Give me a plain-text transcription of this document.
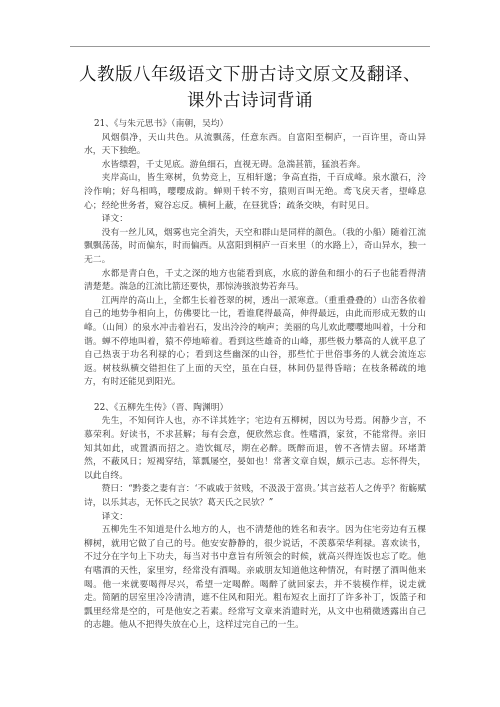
人教版八年级语文下册古诗文原文及翻译、
课外古诗词背诵

21、《与朱元思书》（南朝，吴均）

风烟俱净，天山共色。从流飘荡，任意东西。自富阳至桐庐，一百许里，奇山异水，天下独绝。

水皆缥碧，千丈见底。游鱼细石，直视无碍。急湍甚箭，猛浪若奔。

夹岸高山，皆生寒树，负势竞上，互相轩邈；争高直指，千百成峰。泉水激石，泠泠作响；好鸟相鸣，嘤嘤成韵。蝉则千转不穷，猿则百叫无绝。鸢飞戾天者，望峰息心；经纶世务者，窥谷忘反。横柯上蔽，在昼犹昏；疏条交映，有时见日。

译文：

没有一丝儿风，烟雾也完全消失，天空和群山是同样的颜色。（我的小船）随着江流飘飘荡荡，时而偏东，时而偏西。从富阳到桐庐一百来里（的水路上），奇山异水，独一无二。

水都是青白色，千丈之深的地方也能看到底，水底的游鱼和细小的石子也能看得清清楚楚。湍急的江流比箭还要快，那惊涛骇浪势若奔马。

江两岸的高山上，全都生长着苍翠的树，透出一派寒意。（重重叠叠的）山峦各依着自己的地势争相向上，仿佛要比一比，看谁爬得最高，伸得最远，由此而形成无数的山峰。（山间）的泉水冲击着岩石，发出泠泠的响声；美丽的鸟儿欢此嘤嘤地叫着，十分和谐。蝉不停地叫着，猿不停地啼着。看到这些雄奇的山峰，那些极力攀高的人就平息了自己热衷于功名利禄的心；看到这些幽深的山谷，那些忙于世俗事务的人就会流连忘返。树枝纵横交错担住了上面的天空，虽在白昼，林间仍显得昏暗；在枝条稀疏的地方，有时还能见到阳光。

22、《五柳先生传》（晋、陶渊明）

先生，不知何许人也，亦不详其姓字；宅边有五柳树，因以为号焉。闲静少言，不慕荣利。好读书，不求甚解；每有会意，便欣然忘食。性嗜酒，家贫，不能常得。亲旧知其如此，或置酒而招之。造饮辄尽，期在必醉。既醉而退，曾不吝情去留。环堵萧然，不蔽风日；短褐穿结，箪瓢屡空，晏如也！常著文章自娱，颇示己志。忘怀得失，以此自终。

赞曰：“黔娄之妻有言：‘不戚戚于贫贱，不汲汲于富贵。’其言兹若人之俦乎？衔觞赋诗，以乐其志，无怀氏之民欤？葛天氏之民欤？”

译文：

五柳先生不知道是什么地方的人，也不清楚他的姓名和表字。因为住宅旁边有五棵柳树，就用它做了自己的号。他安安静静的，很少说话，不羡慕荣华利禄。喜欢读书，不过分在字句上下功夫，每当对书中意旨有所领会的时候，就高兴得连饭也忘了吃。他有嗜酒的天性，家里穷，经常没有酒喝。亲戚朋友知道他这种情况，有时摆了酒叫他来喝。他一来就要喝得尽兴，希望一定喝醉。喝醉了就回家去，并不装模作样，说走就走。简陋的居室里冷冷清清，遮不住风和阳光。粗布短衣上面打了许多补丁，饭篮子和瓢里经常是空的，可是他安之若素。经常写文章来消遣时光，从文中也稍微透露出自己的志趣。他从不把得失放在心上，这样过完自己的一生。
